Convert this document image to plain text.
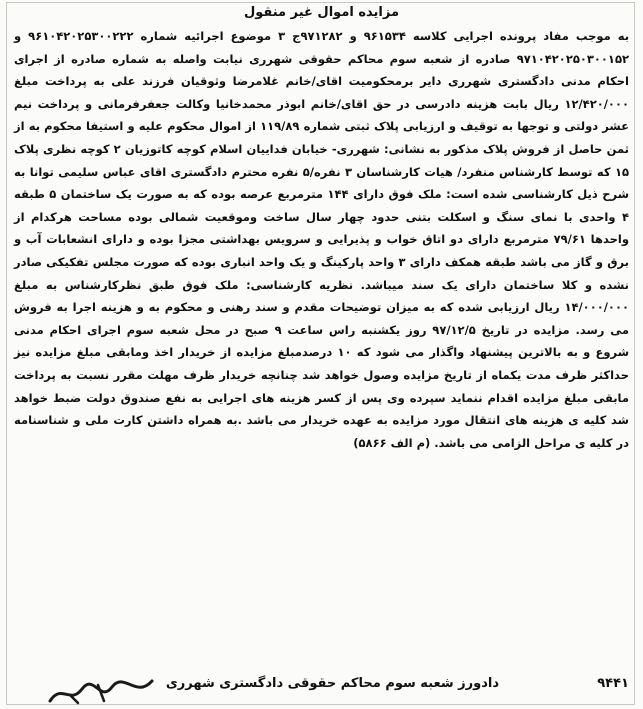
مزایده اموال غیر منقول
به موجب مفاد پرونده اجرایی کلاسه ۹۶۱۵۳۴ و ۹۷۱۲۸۲ج ۳ موضوع اجرائیه شماره ۹۶۱۰۴۲۰۲۵۳۰۰۲۲۲ و ۹۷۱۰۴۲۰۲۵۰۳۰۰۱۵۲ صادره از شعبه سوم محاکم حقوقی شهرری نیابت واصله به شماره صادره از اجرای احکام مدنی دادگستری شهرری دایر برمحکومیت اقای/خانم غلامرضا وثوقیان فرزند علی به پرداخت مبلغ ۱۲/۴۲۰/۰۰۰ ریال بابت هزینه دادرسی در حق اقای/خانم ابوذر محمدخانیا وکالت جعفرفرمانی و پرداخت نیم عشر دولتی و توجها به توقیف و ارزیابی پلاک ثبتی شماره ۱۱۹/۸۹ از اموال محکوم علیه و استیفا محکوم به از ثمن حاصل از فروش پلاک مذکور به نشانی: شهرری- خیابان فداییان اسلام کوچه کاتوزیان ۲ کوچه نظری پلاک ۱۵ که توسط کارشناس منفرد/ هیات کارشناسان ۳ نفره/۵ نفره محترم دادگستری اقای عباس سلیمی توانا به شرح ذیل کارشناسی شده است: ملک فوق دارای ۱۴۴ مترمربع عرصه بوده که به صورت یک ساختمان ۵ طبقه ۴ واحدی با نمای سنگ و اسکلت بتنی حدود چهار سال ساخت وموقعیت شمالی بوده مساحت هرکدام از واحدها ۷۹/۶۱ مترمربع دارای دو اتاق خواب و پذیرایی و سرویس بهداشتی مجزا بوده و دارای انشعابات آب و برق و گاز می باشد طبقه همکف دارای ۳ واحد پارکینگ و یک واحد انباری بوده که صورت مجلس تفکیکی صادر نشده و کلا ساختمان دارای یک سند میباشد. نظریه کارشناسی: ملک فوق طبق نظرکارشناس به مبلغ ۱۴/۰۰۰/۰۰۰ ریال ارزیابی شده که به میزان توضیحات مقدم و سند رهنی و محکوم به و هزینه اجرا به فروش می رسد. مزایده در تاریخ ۹۷/۱۲/۵ روز یکشنبه راس ساعت ۹ صبح در محل شعبه سوم اجرای احکام مدنی شروع و به بالاترین پیشنهاد واگذار می شود که ۱۰ درصدمبلغ مزایده از خریدار اخذ ومابقی مبلغ مزایده نیز حداکثر ظرف مدت یکماه از تاریخ مزایده وصول خواهد شد چنانچه خریدار ظرف مهلت مقرر نسبت به پرداخت مابقی مبلغ مزایده اقدام ننماید سپرده وی پس از کسر هزینه های اجرایی به نفع صندوق دولت ضبط خواهد شد کلیه ی هزینه های انتقال مورد مزایده به عهده خریدار می باشد .به همراه داشتن کارت ملی و شناسنامه در کلیه ی مراحل الزامی می باشد. (م الف ۵۸۶۶)
۹۴۴۱
دادورز شعبه سوم محاکم حقوقی دادگستری شهرری
